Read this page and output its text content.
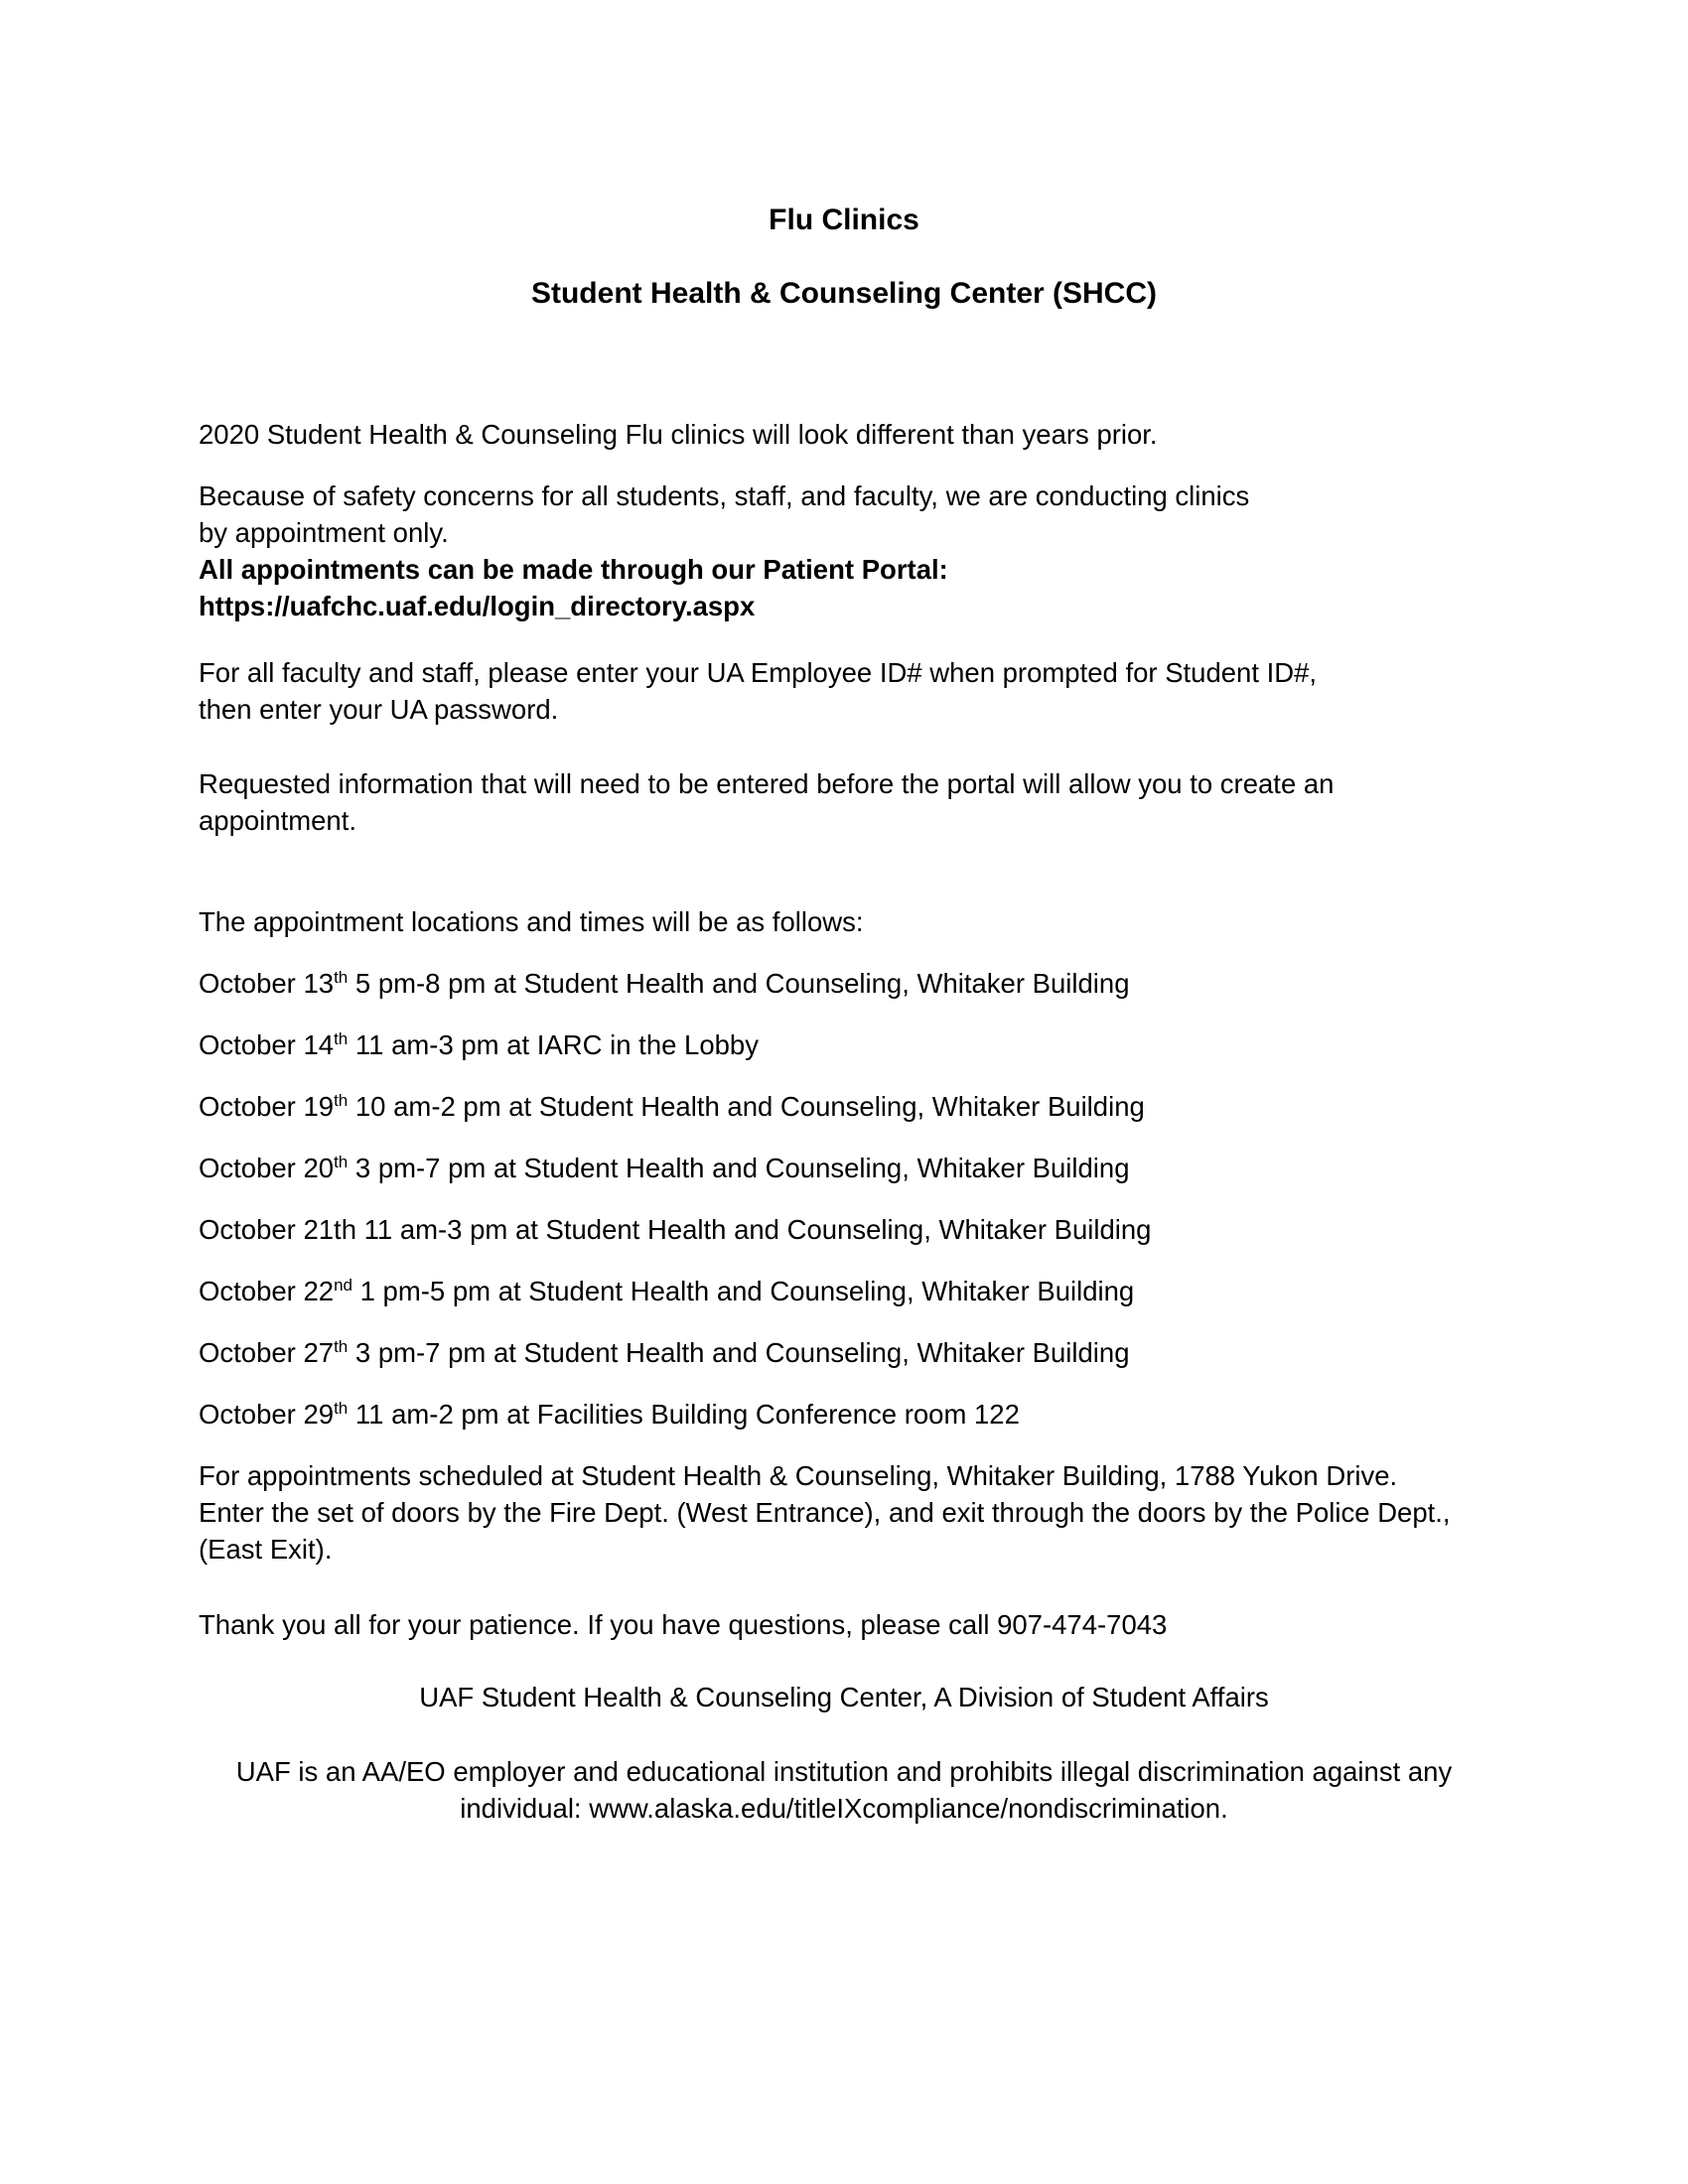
Flu Clinics
Student Health & Counseling Center (SHCC)
2020 Student Health & Counseling Flu clinics will look different than years prior.
Because of safety concerns for all students, staff, and faculty, we are conducting clinics
by appointment only.
All appointments can be made through our Patient Portal:
https://uafchc.uaf.edu/login_directory.aspx
For all faculty and staff, please enter your UA Employee ID# when prompted for Student ID#,
then enter your UA password.
Requested information that will need to be entered before the portal will allow you to create an
appointment.
The appointment locations and times will be as follows:
October 13th 5 pm-8 pm at Student Health and Counseling, Whitaker Building
October 14th 11 am-3 pm at IARC in the Lobby
October 19th 10 am-2 pm at Student Health and Counseling, Whitaker Building
October 20th 3 pm-7 pm at Student Health and Counseling, Whitaker Building
October 21th 11 am-3 pm at Student Health and Counseling, Whitaker Building
October 22nd 1 pm-5 pm at Student Health and Counseling, Whitaker Building
October 27th 3 pm-7 pm at Student Health and Counseling, Whitaker Building
October 29th 11 am-2 pm at Facilities Building Conference room 122
For appointments scheduled at Student Health & Counseling, Whitaker Building, 1788 Yukon Drive.
Enter the set of doors by the Fire Dept. (West Entrance), and exit through the doors by the Police Dept.,
(East Exit).
Thank you all for your patience. If you have questions, please call 907-474-7043
UAF Student Health & Counseling Center, A Division of Student Affairs
UAF is an AA/EO employer and educational institution and prohibits illegal discrimination against any
individual: www.alaska.edu/titleIXcompliance/nondiscrimination.
